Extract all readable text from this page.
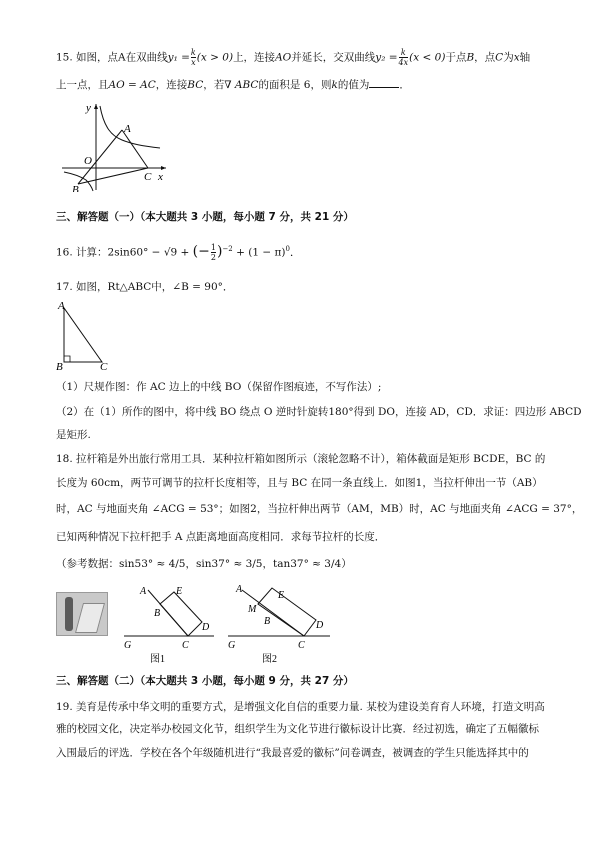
15. 如图，点A在双曲线$y_1 = \frac{k}{x} (x > 0)$上，连接AO并延长，交双曲线$y_2 = \frac{k}{4x} (x < 0)$于点B，点C为x轴
上一点，且AO = AC，连接BC，若∇ ABC的面积是 6，则k的值为	．
y
O
A
B
C x
三、解答题（一）（本大题共 3 小题，每小题 7 分，共 21 分）
16. 计算：2sin60° − √9 + (− $\frac{1}{2} )^{-2} + (1 - \pi)^0$．
17. 如图，Rt△ABC中，∠B = 90°．
A
B	C
（1）尺规作图：作 AC 边上的中线 BO（保留作图痕迹，不写作法）;
（2）在（1）所作的图中，将中线 BO 绕点 O 逆时针旋转180°得到 DO，连接 AD，CD．求证：四边形 ABCD
是矩形.
18. 拉杆箱是外出旅行常用工具．某种拉杆箱如图所示（滚轮忽略不计），箱体截面是矩形 BCDE，BC 的
长度为 60cm，两节可调节的拉杆长度相等，且与 BC 在同一条直线上．如图1，当拉杆伸出一节（AB）
时，AC 与地面夹角 ∠ACG = 53°；如图2，当拉杆伸出两节（AM，MB）时，AC 与地面夹角 ∠ACG = 37°，
已知两种情况下拉杆把手 A 点距离地面高度相同．求每节拉杆的长度．
（参考数据：sin53° ≈ 4/5，sin37° ≈ 3/5，tan37° ≈ 3/4）
A	E
B
D
G	C
图1
A
M
E
B	D
G	C
图2
三、解答题（二）（本大题共 3 小题，每小题 9 分，共 27 分）
19. 美育是传承中华文明的重要方式，是增强文化自信的重要力量. 某校为建设美育育人环境，打造文明高
雅的校园文化，决定举办校园文化节，组织学生为文化节进行徽标设计比赛．经过初选，确定了五幅徽标
入围最后的评选．学校在各个年级随机进行“我最喜爱的徽标”问卷调查，被调查的学生只能选择其中的
